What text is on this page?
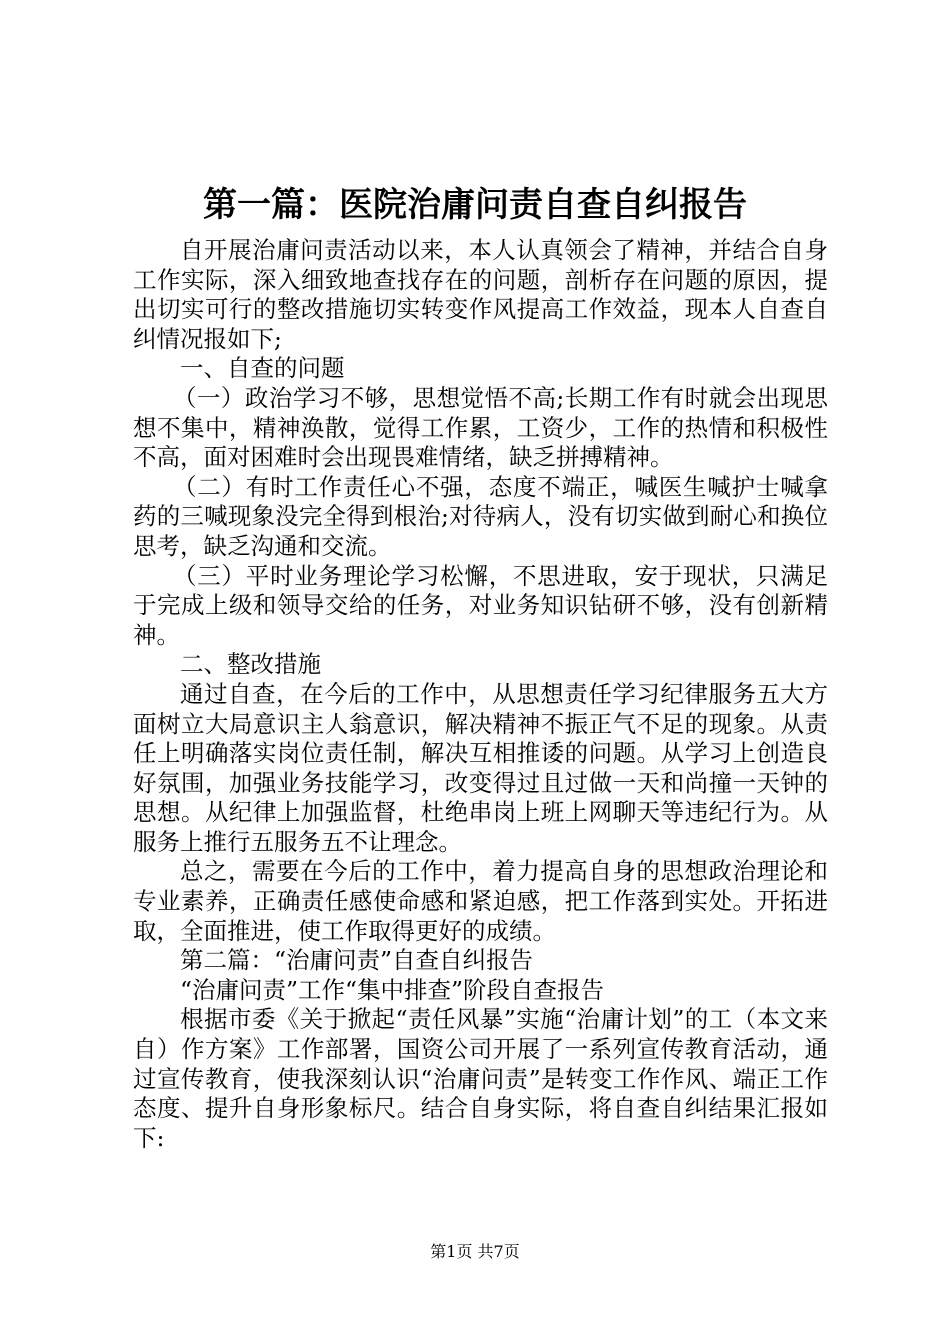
第一篇：医院治庸问责自查自纠报告

自开展治庸问责活动以来，本人认真领会了精神，并结合自身工作实际，深入细致地查找存在的问题，剖析存在问题的原因，提出切实可行的整改措施切实转变作风提高工作效益，现本人自查自纠情况报如下;

一、自查的问题

（一）政治学习不够，思想觉悟不高;长期工作有时就会出现思想不集中，精神涣散，觉得工作累，工资少，工作的热情和积极性不高，面对困难时会出现畏难情绪，缺乏拼搏精神。

（二）有时工作责任心不强，态度不端正，喊医生喊护士喊拿药的三喊现象没完全得到根治;对待病人，没有切实做到耐心和换位思考，缺乏沟通和交流。

（三）平时业务理论学习松懈，不思进取，安于现状，只满足于完成上级和领导交给的任务，对业务知识钻研不够，没有创新精神。

二、整改措施

通过自查，在今后的工作中，从思想责任学习纪律服务五大方面树立大局意识主人翁意识，解决精神不振正气不足的现象。从责任上明确落实岗位责任制，解决互相推诿的问题。从学习上创造良好氛围，加强业务技能学习，改变得过且过做一天和尚撞一天钟的思想。从纪律上加强监督，杜绝串岗上班上网聊天等违纪行为。从服务上推行五服务五不让理念。

总之，需要在今后的工作中，着力提高自身的思想政治理论和专业素养，正确责任感使命感和紧迫感，把工作落到实处。开拓进取，全面推进，使工作取得更好的成绩。

第二篇：“治庸问责”自查自纠报告

“治庸问责”工作“集中排查”阶段自查报告

根据市委《关于掀起“责任风暴”实施“治庸计划”的工（本文来自）作方案》工作部署，国资公司开展了一系列宣传教育活动，通过宣传教育，使我深刻认识“治庸问责”是转变工作作风、端正工作态度、提升自身形象标尺。结合自身实际，将自查自纠结果汇报如下:

第1页 共7页
